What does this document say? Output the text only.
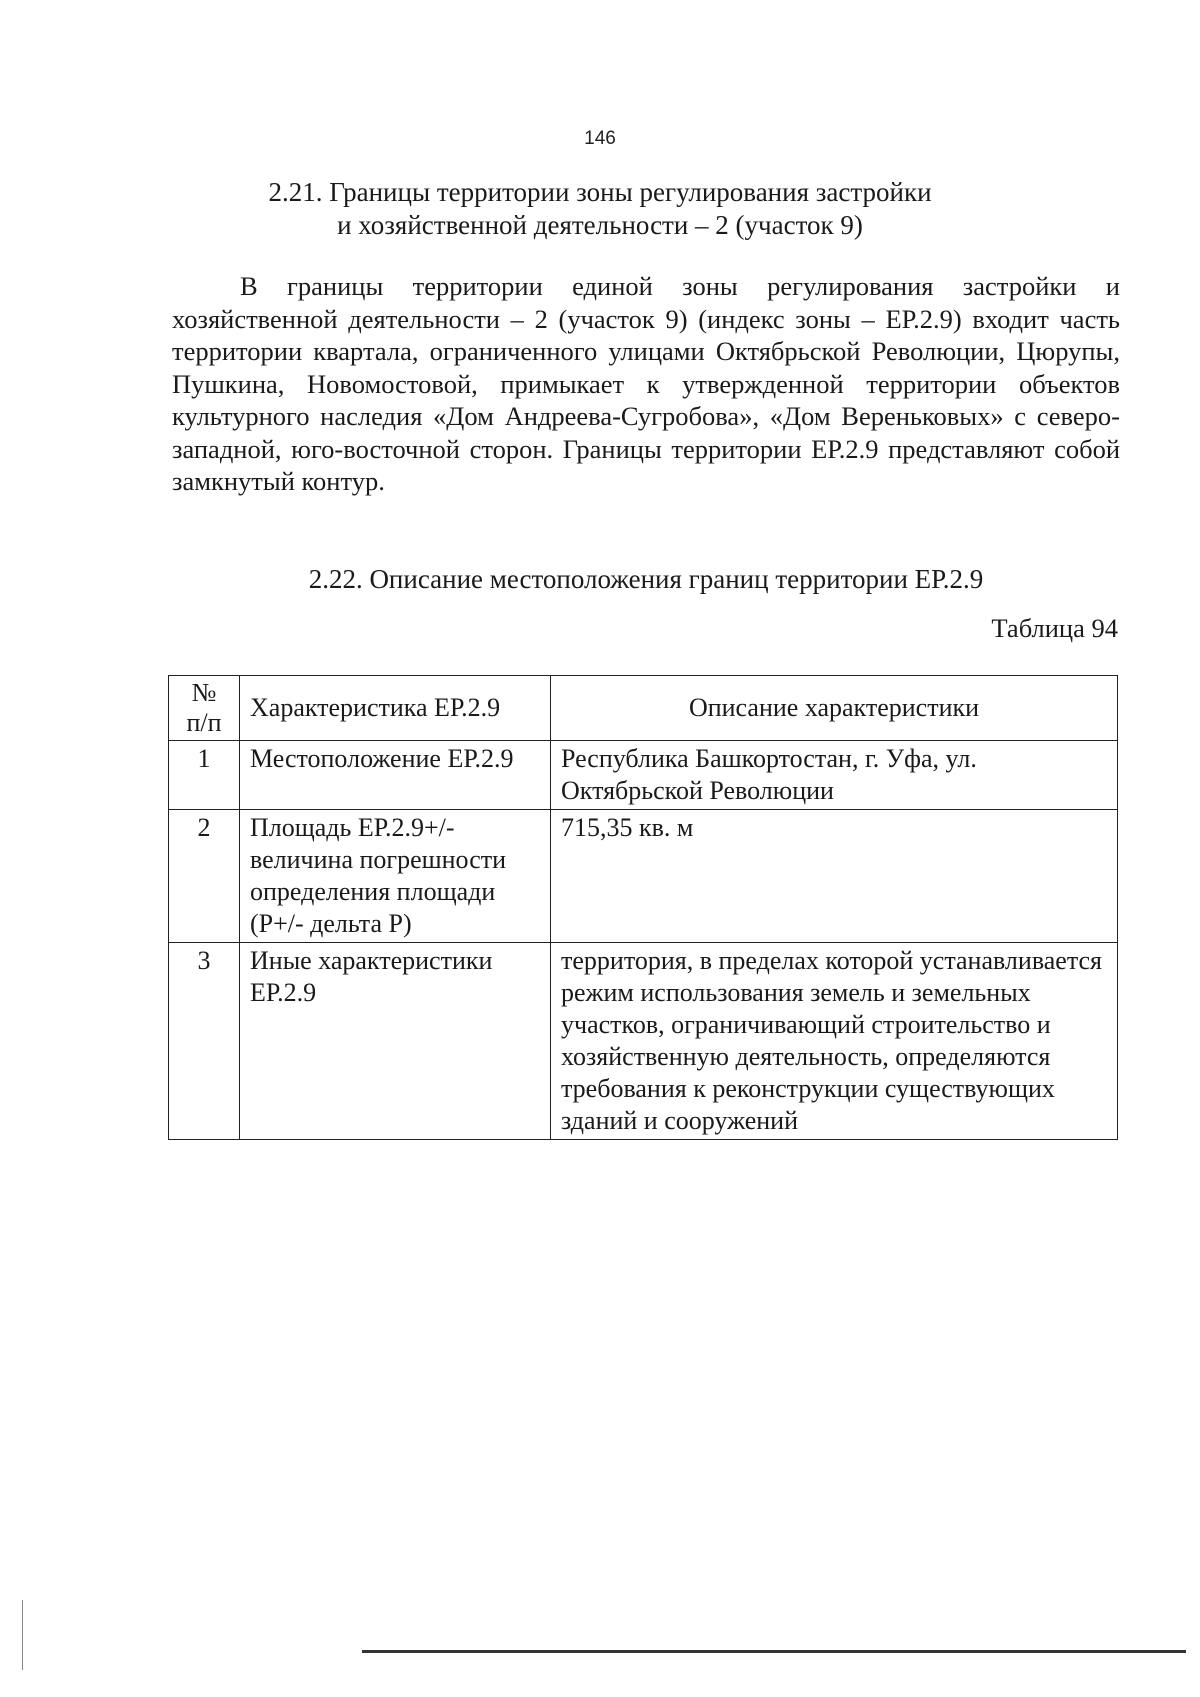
146
2.21. Границы территории зоны регулирования застройки
и хозяйственной деятельности – 2 (участок 9)

В границы территории единой зоны регулирования застройки и хозяйственной деятельности – 2 (участок 9) (индекс зоны – ЕР.2.9) входит часть территории квартала, ограниченного улицами Октябрьской Революции, Цюрупы, Пушкина, Новомостовой, примыкает к утвержденной территории объектов культурного наследия «Дом Андреева-Сугробова», «Дом Вереньковых» с северо-западной, юго-восточной сторон. Границы территории ЕР.2.9 представляют собой замкнутый контур.

2.22. Описание местоположения границ территории ЕР.2.9
Таблица 94
№
п/п	Характеристика ЕР.2.9	Описание характеристики
1	Местоположение ЕР.2.9	Республика Башкортостан, г. Уфа, ул. Октябрьской Революции
2	Площадь ЕР.2.9+/- величина погрешности определения площади (Р+/- дельта Р)	715,35 кв. м
3	Иные характеристики ЕР.2.9	территория, в пределах которой устанавливается режим использования земель и земельных участков, ограничивающий строительство и хозяйственную деятельность, определяются требования к реконструкции существующих зданий и сооружений
